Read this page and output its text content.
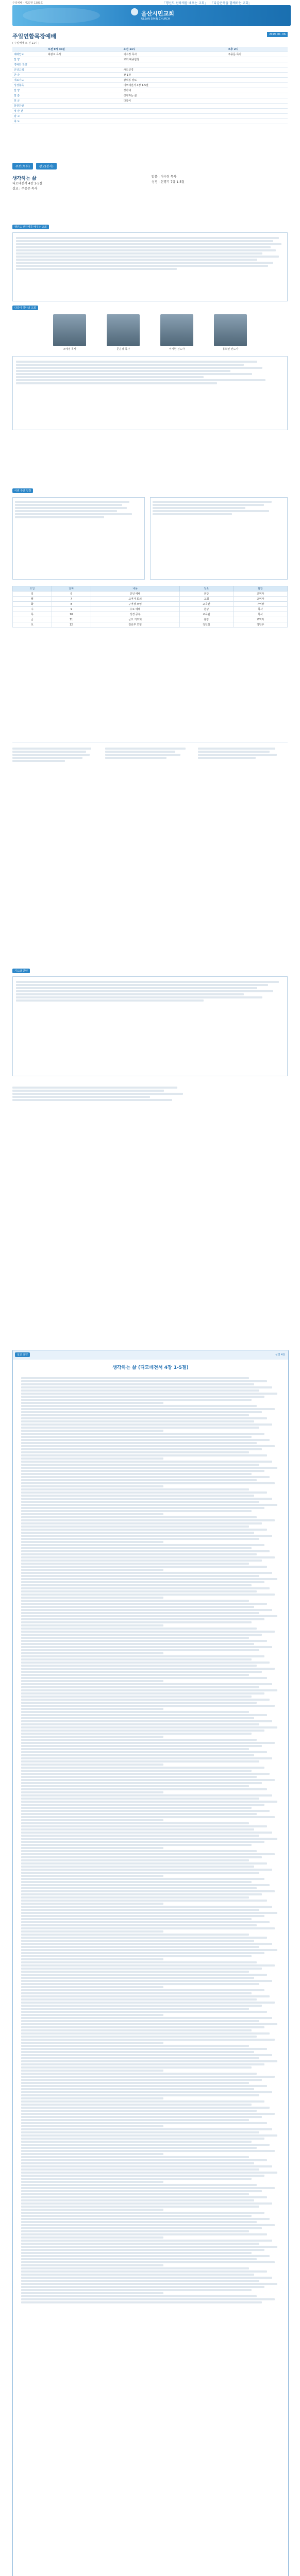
주일예배 · 제27권 1389호	「행신도 선하게를 배우는 교회」 · 「다같은쪽을 함께하는 교회」
울산시민교회
ULSAN SIMIN CHURCH
주일연합목장예배
( 주일예배 오 전 11시 )
2019. 01. 06
	오전 9시 30분	오전 11시	오후 2시
예배인도	최광교 목사	이수정 목사	주종문 목사
찬 양		교회 대중합창	
경배와 찬양			
신앙고백		사도신경	
찬 송		찬 1장	
대표기도		강석봉 장로	
성경봉독		디모데전서 4장 1-5절	
찬 양		성가대	
말 씀		생각하는 삶	
헌 금		다같이	
봉헌찬양			
성 만 찬			
광 고			
축 도			
주보(목회)	광고(봉사)
생각하는 삶
디모데전서 4장 1-5절
설교 : 주종문 목사
말씀 : 이수정 목사
성경 : 신명기 7장 1-5절
행신도 선하게를 배우는 교회
다같이 하나님 교회
조예정 목사	문윤경 목사	이서현 전도사	홍희인 전도사
이번 주간 일정
요일	날짜	내용	장소	담당
일	6	신년 예배	본당	교역자
월	7	교역자 회의	교회	교역자
화	8	구역장 모임	교육관	구역장
수	9	수요 예배	본당	목사
목	10	성경 공부	교육관	목사
금	11	금요 기도회	본당	교역자
토	12	청년부 모임	청년실	청년부
기도와 찬양
설교 요약	성경 4장
생각하는 삶 (디모데전서 4장 1-5절)
